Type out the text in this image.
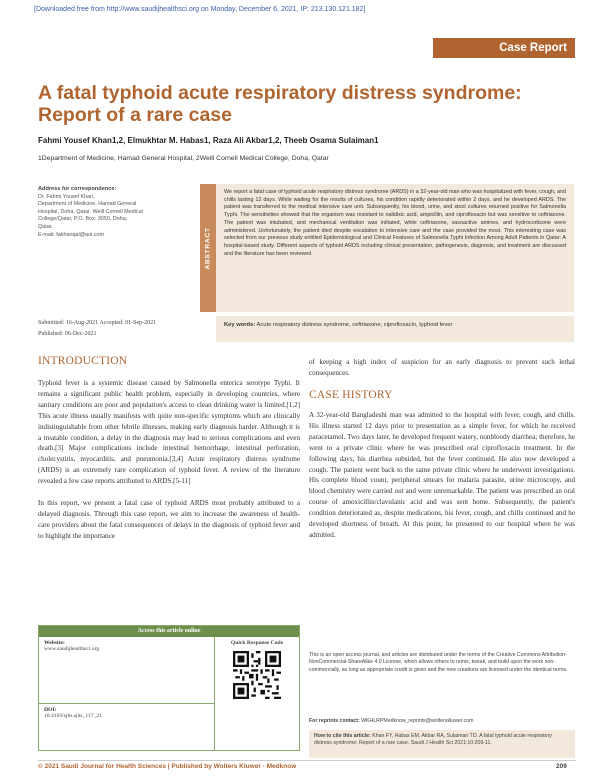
[Downloaded free from http://www.saudijhealthsci.org on Monday, December 6, 2021, IP: 213.130.121.182]
Case Report
A fatal typhoid acute respiratory distress syndrome: Report of a rare case
Fahmi Yousef Khan1,2, Elmukhtar M. Habas1, Raza Ali Akbar1,2, Theeb Osama Sulaiman1
1Department of Medicine, Hamad General Hospital, 2Weill Cornell Medical College, Doha, Qatar
Address for correspondence:
Dr. Fahmi Yousef Khan,
Department of Medicine, Hamad General
Hospital, Doha, Qatar. Weill Cornell Medical
College/Qatar, P.O. Box: 3050, Doha,
Qatar.
E-mail: fakhanqal@aol.com	ABSTRACT
We report a fatal case of typhoid acute respiratory distress syndrome (ARDS) in a 32-year-old man who was hospitalized with fever, cough, and chills lasting 12 days. While waiting for the results of cultures, his condition rapidly deteriorated within 2 days, and he developed ARDS. The patient was transferred to the medical intensive care unit. Subsequently, his blood, urine, and stool cultures returned positive for Salmonella Typhi. The sensitivities showed that the organism was resistant to nalidixic acid, ampicillin, and ciprofloxacin but was sensitive to ceftriaxone. The patient was intubated, and mechanical ventilation was initiated, while ceftriaxone, vasoactive amines, and hydrocortisone were administered. Unfortunately, the patient died despite escalation to intensive care and the case provided the most. This interesting case was selected from our previous study entitled Epidemiological and Clinical Features of Salmonella Typhi Infection Among Adult Patients in Qatar: A hospital-based study. Different aspects of typhoid ARDS including clinical presentation, pathogenesis, diagnosis, and treatment are discussed and the literature has been reviewed.
Key words: Acute respiratory distress syndrome, ceftriaxone, ciprofloxacin, typhoid fever
Submitted: 16-Aug-2021 Accepted: 01-Sep-2021
Published: 06-Dec-2021
INTRODUCTION

Typhoid fever is a systemic disease caused by Salmonella enterica serotype Typhi. It remains a significant public health problem, especially in developing countries, where sanitary conditions are poor and population's access to clean drinking water is limited.[1,2] This acute illness usually manifests with quite non-specific symptoms which are clinically indistinguishable from other febrile illnesses, making early diagnosis harder. Although it is a treatable condition, a delay in the diagnosis may lead to serious complications and even death.[3] Major complications include intestinal hemorrhage, intestinal perforation, cholecystitis, myocarditis, and pneumonia.[3,4] Acute respiratory distress syndrome (ARDS) is an extremely rare complication of typhoid fever. A review of the literature revealed a few case reports attributed to ARDS.[5-11]

In this report, we present a fatal case of typhoid ARDS most probably attributed to a delayed diagnosis. Through this case report, we aim to increase the awareness of health-care providers about the fatal consequences of delays in the diagnosis of typhoid fever and to highlight the importance

of keeping a high index of suspicion for an early diagnosis to prevent such lethal consequences.

CASE HISTORY

A 32-year-old Bangladeshi man was admitted to the hospital with fever, cough, and chills. His illness started 12 days prior to presentation as a simple fever, for which he received paracetamol. Two days later, he developed frequent watery, nonbloody diarrhea; therefore, he went to a private clinic where he was prescribed oral ciprofloxacin treatment. In the following days, his diarrhea subsided, but the fever continued. He also now developed a cough. The patient went back to the same private clinic where he underwent investigations. His complete blood count, peripheral smears for malaria parasite, urine microscopy, and blood chemistry were carried out and were unremarkable. The patient was prescribed an oral course of amoxicillin/clavulanic acid and was sent home. Subsequently, the patient's condition deteriorated as, despite medications, his fever, cough, and chills continued and he developed shortness of breath. At this point, he presented to our hospital where he was admitted.

Access this article online
Website:
www.saudijhealthsci.org
DOI:
10.4103/sjhs.sjhs_117_21
Quick Response Code
This is an open access journal, and articles are distributed under the terms of the Creative Commons Attribution-NonCommercial-ShareAlike 4.0 License, which allows others to remix, tweak, and build upon the work non-commercially, as long as appropriate credit is given and the new creations are licensed under the identical terms.
For reprints contact: WKHLRPMedknow_reprints@wolterskluwer.com
How to cite this article: Khan FY, Habas EM, Akbar RA, Sulaiman TO. A fatal typhoid acute respiratory distress syndrome: Report of a rare case. Saudi J Health Sci 2021;10:209-11.
© 2021 Saudi Journal for Health Sciences | Published by Wolters Kluwer - Medknow	209
